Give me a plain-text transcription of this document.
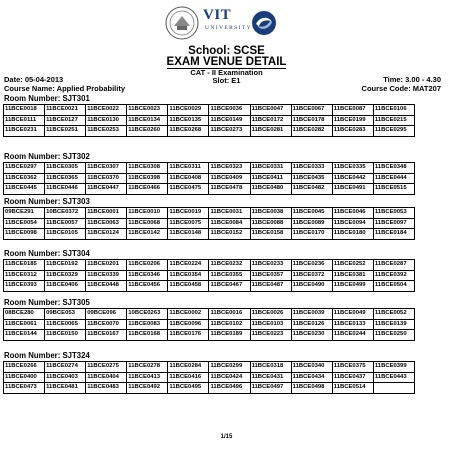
VIT
UNIVERSITY
School: SCSE
EXAM VENUE DETAIL
CAT - II Examination
Slot: E1
Date: 05-04-2013	Time: 3.00 - 4.30
Course Name: Applied Probability	Course Code: MAT207
Room Number: SJT301
11BCE0018	11BCE0021	11BCE0022	11BCE0023	11BCE0029	11BCE0036	11BCE0047	11BCE0067	11BCE0087	11BCE0106
11BCE0111	11BCE0127	11BCE0130	11BCE0134	11BCE0135	11BCE0149	11BCE0172	11BCE0178	11BCE0199	11BCE0215
11BCE0231	11BCE0251	11BCE0253	11BCE0260	11BCE0268	11BCE0273	11BCE0281	11BCE0282	11BCE0283	11BCE0295
Room Number: SJT302
11BCE0297	11BCE0305	11BCE0307	11BCE0308	11BCE0311	11BCE0323	11BCE0331	11BCE0333	11BCE0335	11BCE0348
11BCE0362	11BCE0365	11BCE0370	11BCE0398	11BCE0408	11BCE0409	11BCE0411	11BCE0435	11BCE0442	11BCE0444
11BCE0445	11BCE0446	11BCE0447	11BCE0466	11BCE0475	11BCE0478	11BCE0480	11BCE0482	11BCE0491	11BCE0515
Room Number: SJT303
09BCE291	10BCE0372	11BCE0001	11BCE0010	11BCE0019	11BCE0031	11BCE0038	11BCE0045	11BCE0046	11BCE0053
11BCE0054	11BCE0057	11BCE0063	11BCE0068	11BCE0075	11BCE0084	11BCE0088	11BCE0089	11BCE0094	11BCE0097
11BCE0098	11BCE0105	11BCE0124	11BCE0142	11BCE0148	11BCE0152	11BCE0158	11BCE0170	11BCE0180	11BCE0184
Room Number: SJT304
11BCE0185	11BCE0192	11BCE0201	11BCE0206	11BCE0224	11BCE0232	11BCE0233	11BCE0236	11BCE0252	11BCE0287
11BCE0312	11BCE0329	11BCE0339	11BCE0346	11BCE0354	11BCE0355	11BCE0357	11BCE0372	11BCE0381	11BCE0392
11BCE0393	11BCE0406	11BCE0448	11BCE0456	11BCE0458	11BCE0467	11BCE0487	11BCE0490	11BCE0499	11BCE0504
Room Number: SJT305
08BCE280	09BCE053	09BCE096	10BCE0263	11BCE0002	11BCE0016	11BCE0026	11BCE0039	11BCE0049	11BCE0052
11BCE0061	11BCE0065	11BCE0070	11BCE0083	11BCE0096	11BCE0102	11BCE0103	11BCE0126	11BCE0133	11BCE0139
11BCE0144	11BCE0150	11BCE0167	11BCE0168	11BCE0176	11BCE0189	11BCE0223	11BCE0230	11BCE0244	11BCE0250
Room Number: SJT324
11BCE0266	11BCE0274	11BCE0275	11BCE0278	11BCE0284	11BCE0299	11BCE0318	11BCE0340	11BCE0375	11BCE0399
11BCE0400	11BCE0403	11BCE0404	11BCE0413	11BCE0416	11BCE0424	11BCE0431	11BCE0434	11BCE0437	11BCE0443
11BCE0473	11BCE0481	11BCE0483	11BCE0492	11BCE0495	11BCE0496	11BCE0497	11BCE0498	11BCE0514	
1/15
